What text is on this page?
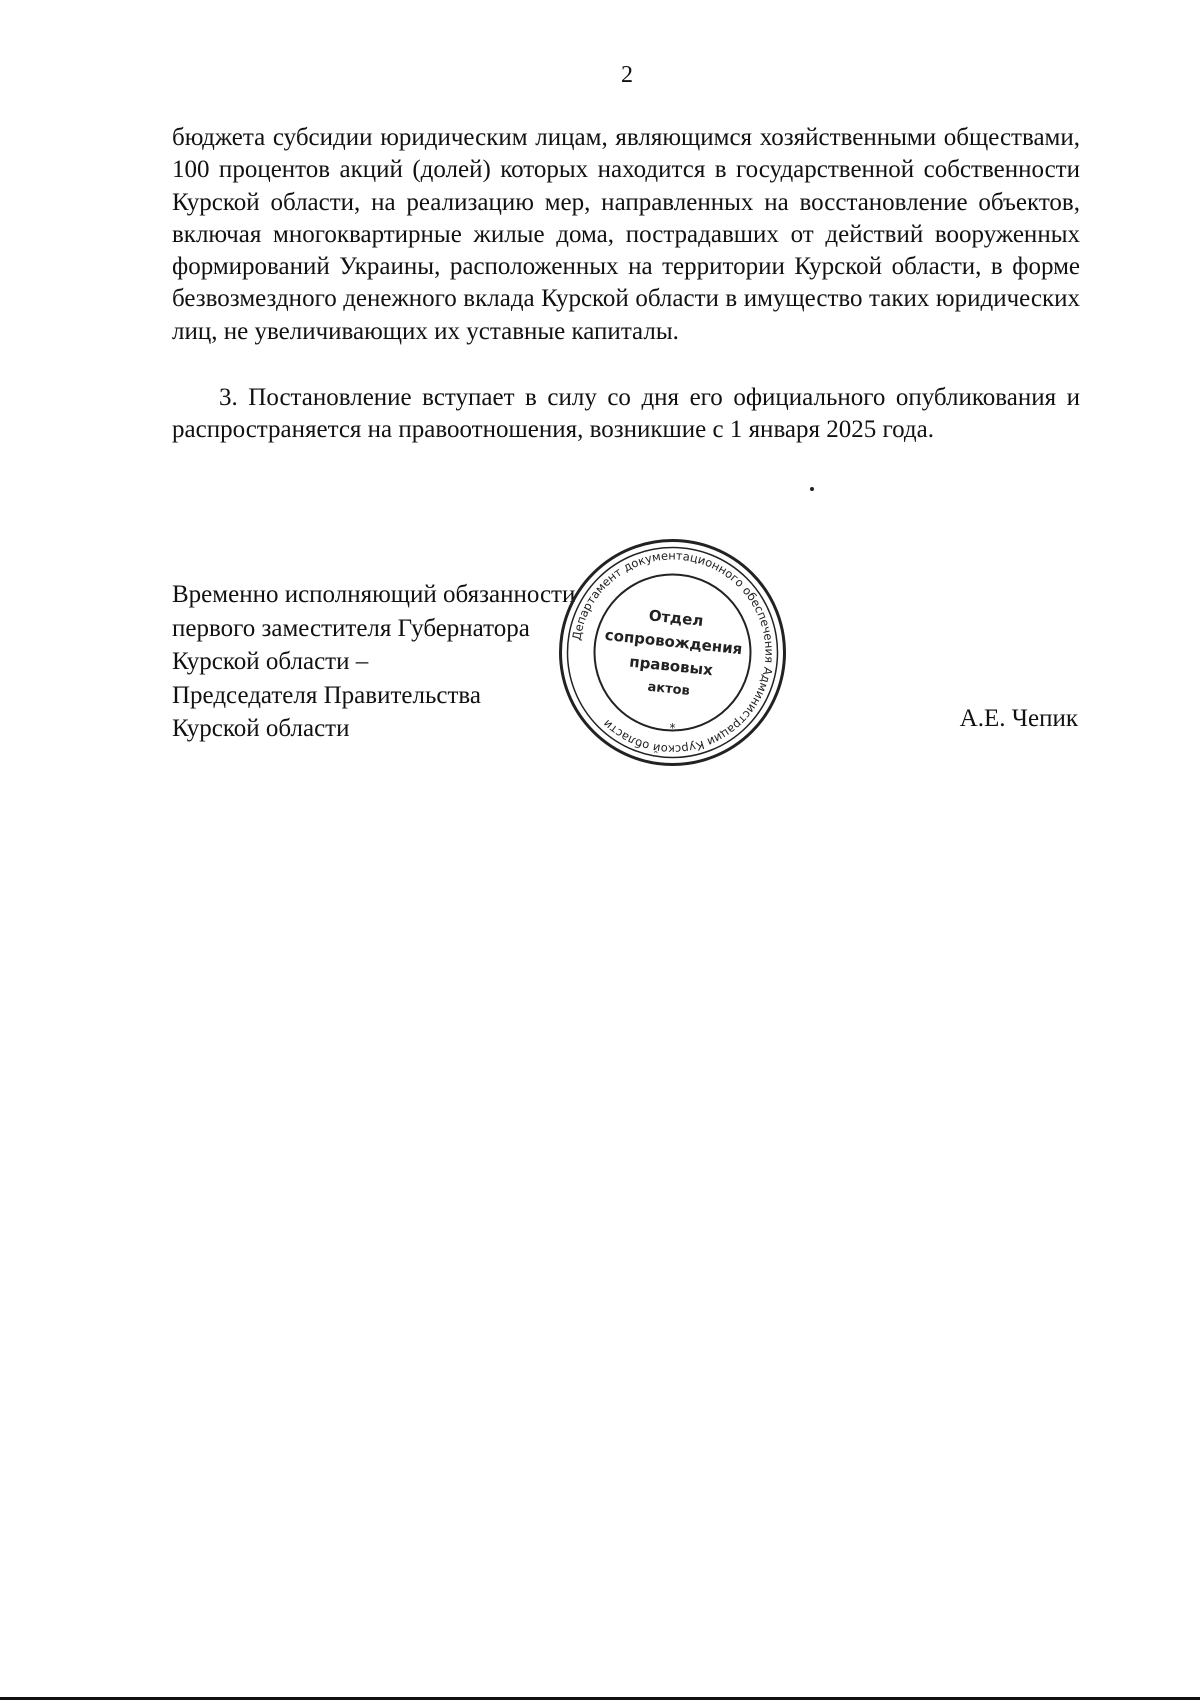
2

бюджета субсидии юридическим лицам, являющимся хозяйственными обществами, 100 процентов акций (долей) которых находится в государственной собственности Курской области, на реализацию мер, направленных на восстановление объектов, включая многоквартирные жилые дома, пострадавших от действий вооруженных формирований Украины, расположенных на территории Курской области, в форме безвозмездного денежного вклада Курской области в имущество таких юридических лиц, не увеличивающих их уставные капиталы.

3. Постановление вступает в силу со дня его официального опубликования и распространяется на правоотношения, возникшие с 1 января 2025 года.

Временно исполняющий обязанности
первого заместителя Губернатора
Курской области –
Председателя Правительства
Курской области
Департамент документационного обеспечения Администрации Курской области	*
Отдел
сопровождения
правовых
актов
А.Е. Чепик
